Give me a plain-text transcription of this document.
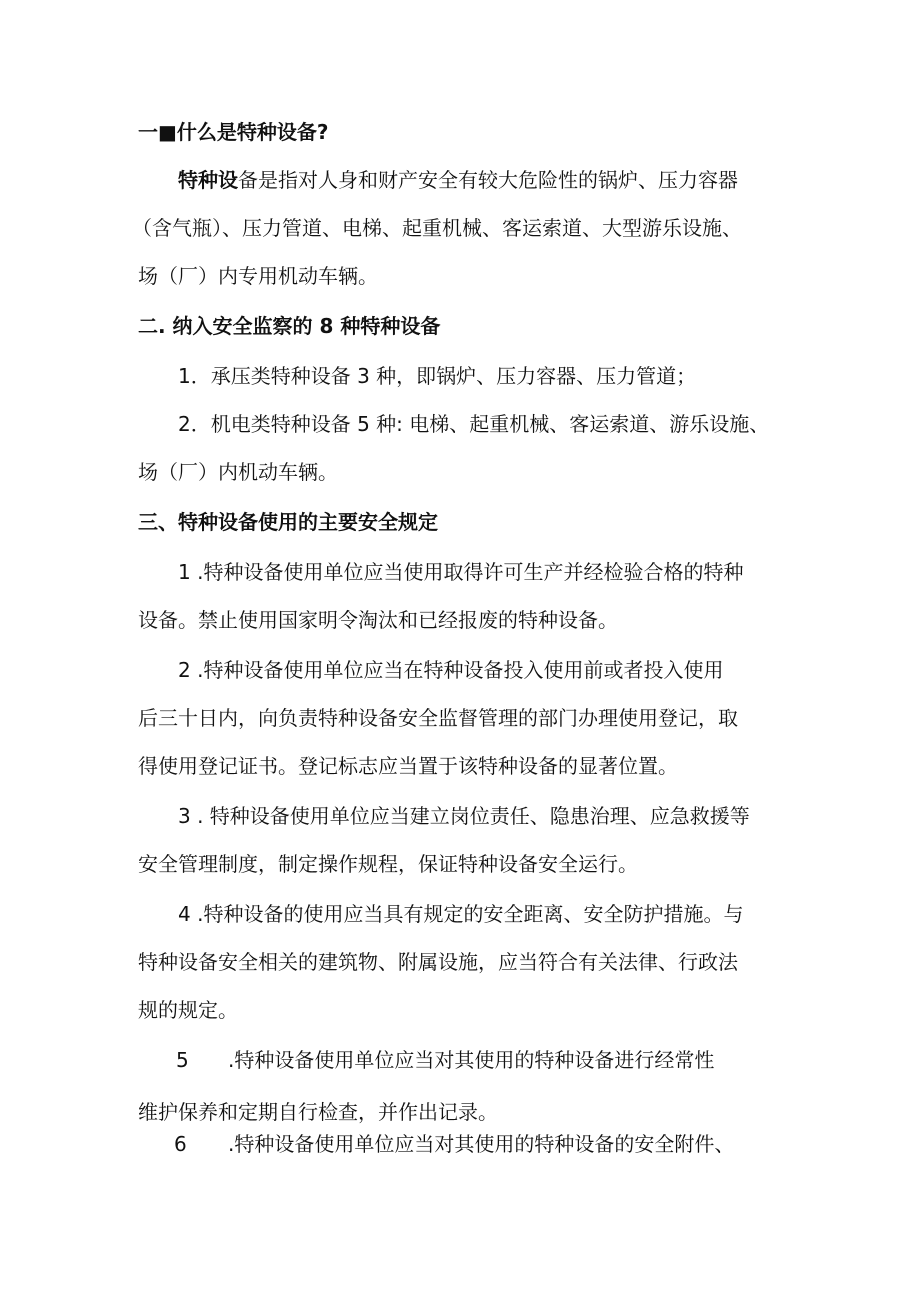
一■什么是特种设备?
特种设备是指对人身和财产安全有较大危险性的锅炉、压力容器
（含气瓶）、压力管道、电梯、起重机械、客运索道、大型游乐设施、
场（厂）内专用机动车辆。
二. 纳入安全监察的 8 种特种设备
1．承压类特种设备 3 种，即锅炉、压力容器、压力管道；
2．机电类特种设备 5 种: 电梯、起重机械、客运索道、游乐设施、
场（厂）内机动车辆。
三、特种设备使用的主要安全规定
1 .特种设备使用单位应当使用取得许可生产并经检验合格的特种
设备。禁止使用国家明令淘汰和已经报废的特种设备。
2 .特种设备使用单位应当在特种设备投入使用前或者投入使用
后三十日内，向负责特种设备安全监督管理的部门办理使用登记，取
得使用登记证书。登记标志应当置于该特种设备的显著位置。
3 . 特种设备使用单位应当建立岗位责任、隐患治理、应急救援等
安全管理制度，制定操作规程，保证特种设备安全运行。
4 .特种设备的使用应当具有规定的安全距离、安全防护措施。与
特种设备安全相关的建筑物、附属设施，应当符合有关法律、行政法
规的规定。
5 .特种设备使用单位应当对其使用的特种设备进行经常性
维护保养和定期自行检查，并作出记录。
6 .特种设备使用单位应当对其使用的特种设备的安全附件、
